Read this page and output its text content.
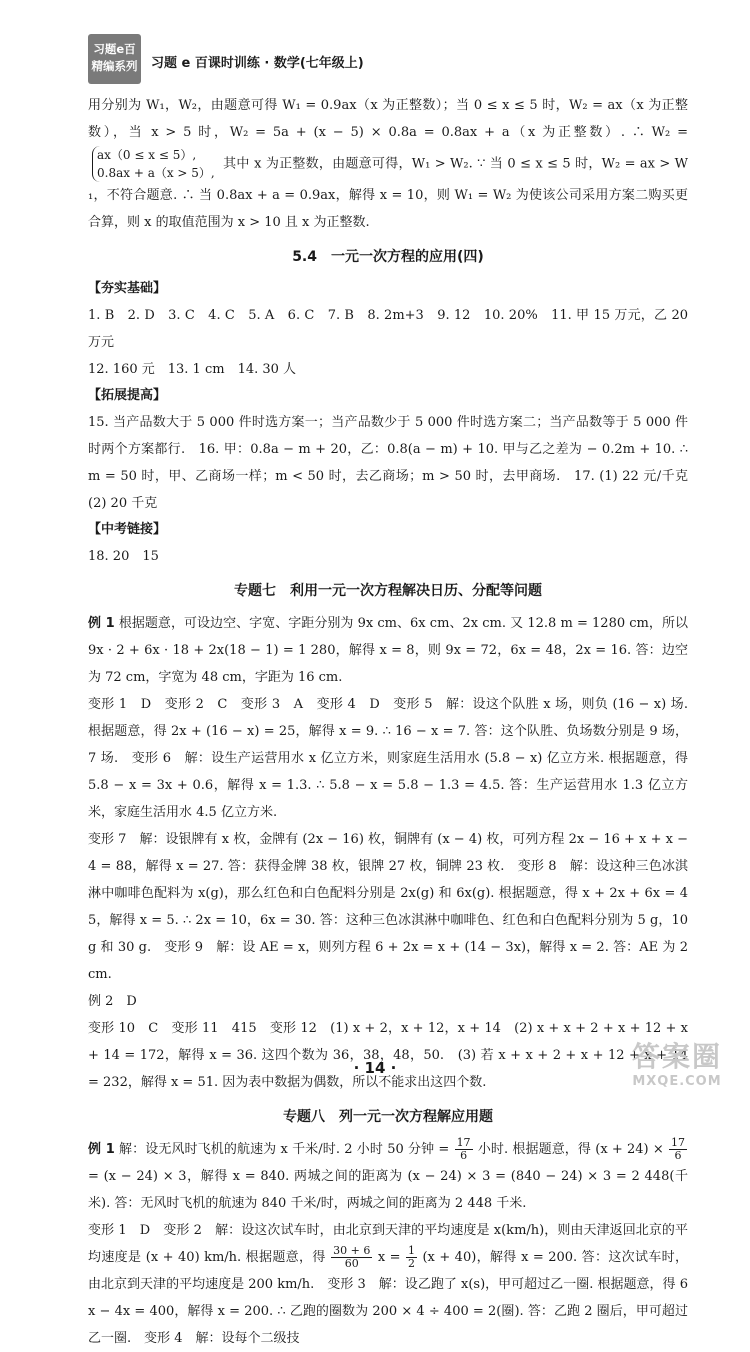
习题e百
精编系列 习题 e 百课时训练 · 数学(七年级上)
用分别为 W₁，W₂，由题意可得 W₁ = 0.9ax（x 为正整数）；当 0 ≤ x ≤ 5 时，W₂ = ax（x 为正整数），当 x > 5 时，W₂ = 5a + (x − 5) × 0.8a = 0.8ax + a（x 为正整数）. ∴ W₂ =
ax（0 ≤ x ≤ 5）,
0.8ax + a（x > 5）,
其中 x 为正整数，由题意可得，W₁ > W₂. ∵ 当 0 ≤ x ≤ 5 时，W₂ = ax > W₁，不符合题意. ∴ 当 0.8ax + a = 0.9ax，解得 x = 10，则 W₁ = W₂ 为使该公司采用方案二购买更合算，则 x 的取值范围为 x > 10 且 x 为正整数.
5.4　一元一次方程的应用(四)
【夯实基础】
1. B　2. D　3. C　4. C　5. A　6. C　7. B　8. 2m+3　9. 12　10. 20%　11. 甲 15 万元，乙 20 万元
12. 160 元　13. 1 cm　14. 30 人
【拓展提高】
15. 当产品数大于 5 000 件时选方案一；当产品数少于 5 000 件时选方案二；当产品数等于 5 000 件时两个方案都行.　16. 甲：0.8a − m + 20，乙：0.8(a − m) + 10. 甲与乙之差为 − 0.2m + 10. ∴ m = 50 时，甲、乙商场一样；m < 50 时，去乙商场；m > 50 时，去甲商场.　17. (1) 22 元/千克　(2) 20 千克
【中考链接】
18. 20　15
专题七　利用一元一次方程解决日历、分配等问题
例 1 根据题意，可设边空、字宽、字距分别为 9x cm、6x cm、2x cm. 又 12.8 m = 1280 cm，所以 9x · 2 + 6x · 18 + 2x(18 − 1) = 1 280，解得 x = 8，则 9x = 72，6x = 48，2x = 16. 答：边空为 72 cm，字宽为 48 cm，字距为 16 cm.
变形 1　D　变形 2　C　变形 3　A　变形 4　D　变形 5　解：设这个队胜 x 场，则负 (16 − x) 场. 根据题意，得 2x + (16 − x) = 25，解得 x = 9. ∴ 16 − x = 7. 答：这个队胜、负场数分别是 9 场，7 场.　变形 6　解：设生产运营用水 x 亿立方米，则家庭生活用水 (5.8 − x) 亿立方米. 根据题意，得 5.8 − x = 3x + 0.6，解得 x = 1.3. ∴ 5.8 − x = 5.8 − 1.3 = 4.5. 答：生产运营用水 1.3 亿立方米，家庭生活用水 4.5 亿立方米.
变形 7　解：设银牌有 x 枚，金牌有 (2x − 16) 枚，铜牌有 (x − 4) 枚，可列方程 2x − 16 + x + x − 4 = 88，解得 x = 27. 答：获得金牌 38 枚，银牌 27 枚，铜牌 23 枚.　变形 8　解：设这种三色冰淇淋中咖啡色配料为 x(g)，那么红色和白色配料分别是 2x(g) 和 6x(g). 根据题意，得 x + 2x + 6x = 45，解得 x = 5. ∴ 2x = 10，6x = 30. 答：这种三色冰淇淋中咖啡色、红色和白色配料分别为 5 g，10 g 和 30 g.　变形 9　解：设 AE = x，则列方程 6 + 2x = x + (14 − 3x)，解得 x = 2. 答：AE 为 2 cm.
例 2　D
变形 10　C　变形 11　415　变形 12　(1) x + 2，x + 12，x + 14　(2) x + x + 2 + x + 12 + x + 14 = 172，解得 x = 36. 这四个数为 36，38，48，50.　(3) 若 x + x + 2 + x + 12 + x + 14 = 232，解得 x = 51. 因为表中数据为偶数，所以不能求出这四个数.
专题八　列一元一次方程解应用题
例 1 解：设无风时飞机的航速为 x 千米/时. 2 小时 50 分钟 = $\frac{17}{6}$ 小时. 根据题意，得 $(x + 24) \times \frac{17}{6}$
= (x − 24) × 3，解得 x = 840. 两城之间的距离为 (x − 24) × 3 = (840 − 24) × 3 = 2 448(千米). 答：无风时飞机的航速为 840 千米/时，两城之间的距离为 2 448 千米.
变形 1　D　变形 2　解：设这次试车时，由北京到天津的平均速度是 x(km/h)，则由天津返回北京的平均速度是 (x + 40) km/h. 根据题意，得 $\frac{30 + 6}{60}$ $x = \frac{1}{2} (x + 40)$，解得 x = 200. 答：这次试车时，由北京到天津的平均速度是 200 km/h.　变形 3　解：设乙跑了 x(s)，甲可超过乙一圈. 根据题意，得 6x − 4x = 400，解得 x = 200. ∴ 乙跑的圈数为 200 × 4 ÷ 400 = 2(圈). 答：乙跑 2 圈后，甲可超过乙一圈.　变形 4　解：设每个二级技
· 14 ·	答案圈
MXQE.COM
